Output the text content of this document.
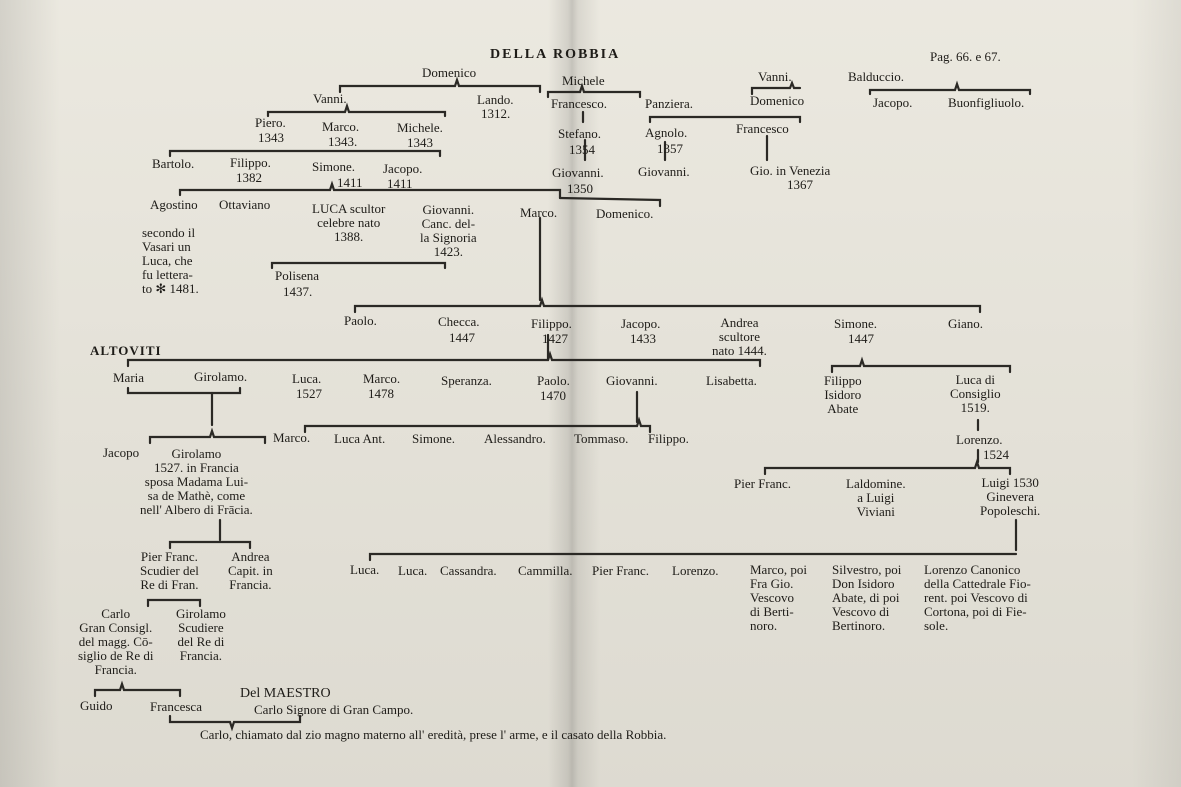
DELLA ROBBIA	Pag. 66. e 67.
Domenico
Michele	Vanni.	Balduccio.
Vanni.	Lando.
1312.
Francesco.	Panziera.	Domenico	Jacopo.	Buonfigliuolo.
Piero.
1343
Marco.
1343.
Michele.
1343
Stefano.
1354
Agnolo.
1357
Francesco
Bartolo.	Filippo.
1382
Simone.
1411
Jacopo.
1411
Giovanni.
1350
Giovanni.	Gio. in Venezia
1367
Agostino
secondo il
Vasari un
Luca, che
fu lettera-
to ✻ 1481.
Ottaviano	LUCA scultor
celebre nato
1388.
Giovanni.
Canc. del-
la Signoria
1423.
Marco.	Domenico.
Polisena
1437.
Paolo.	Checca.
1447
Filippo.
1427
Jacopo.
1433
Andrea
scultore
nato 1444.
Simone.
1447
Giano.
ALTOVITI
Maria	Girolamo.	Luca.
1527
Marco.
1478
Speranza.	Paolo.
1470
Giovanni.	Lisabetta.	Filippo
Isidoro
Abate
Luca di
Consiglio
1519.
Jacopo	Girolamo
1527. in Francia
sposa Madama Lui-
sa de Mathè, come
nell' Albero di Frācia.
Marco. Luca Ant. Simone. Alessandro. Tommaso. Filippo.	Lorenzo.
1524
Pier Franc.
Scudier del
Re di Fran.
Andrea
Capit. in
Francia.
Pier Franc.	Laldomine.
a Luigi
Viviani
Luigi 1530
Ginevera
Popoleschi.
Carlo
Gran Consigl.
del magg. Cō-
siglio de Re di
Francia.
Girolamo
Scudiere
del Re di
Francia.
Luca. Luca. Cassandra. Cammilla. Pier Franc. Lorenzo. Marco, poi
Fra Gio.
Vescovo
di Berti-
noro.
Silvestro, poi
Don Isidoro
Abate, di poi
Vescovo di
Bertinoro.
Lorenzo Canonico
della Cattedrale Fio-
rent. poi Vescovo di
Cortona, poi di Fie-
sole.
Guido	Francesca
Del MAESTRO
Carlo Signore di Gran Campo.
Carlo, chiamato dal zio magno materno all' eredità, prese l' arme, e il casato della Robbia.
